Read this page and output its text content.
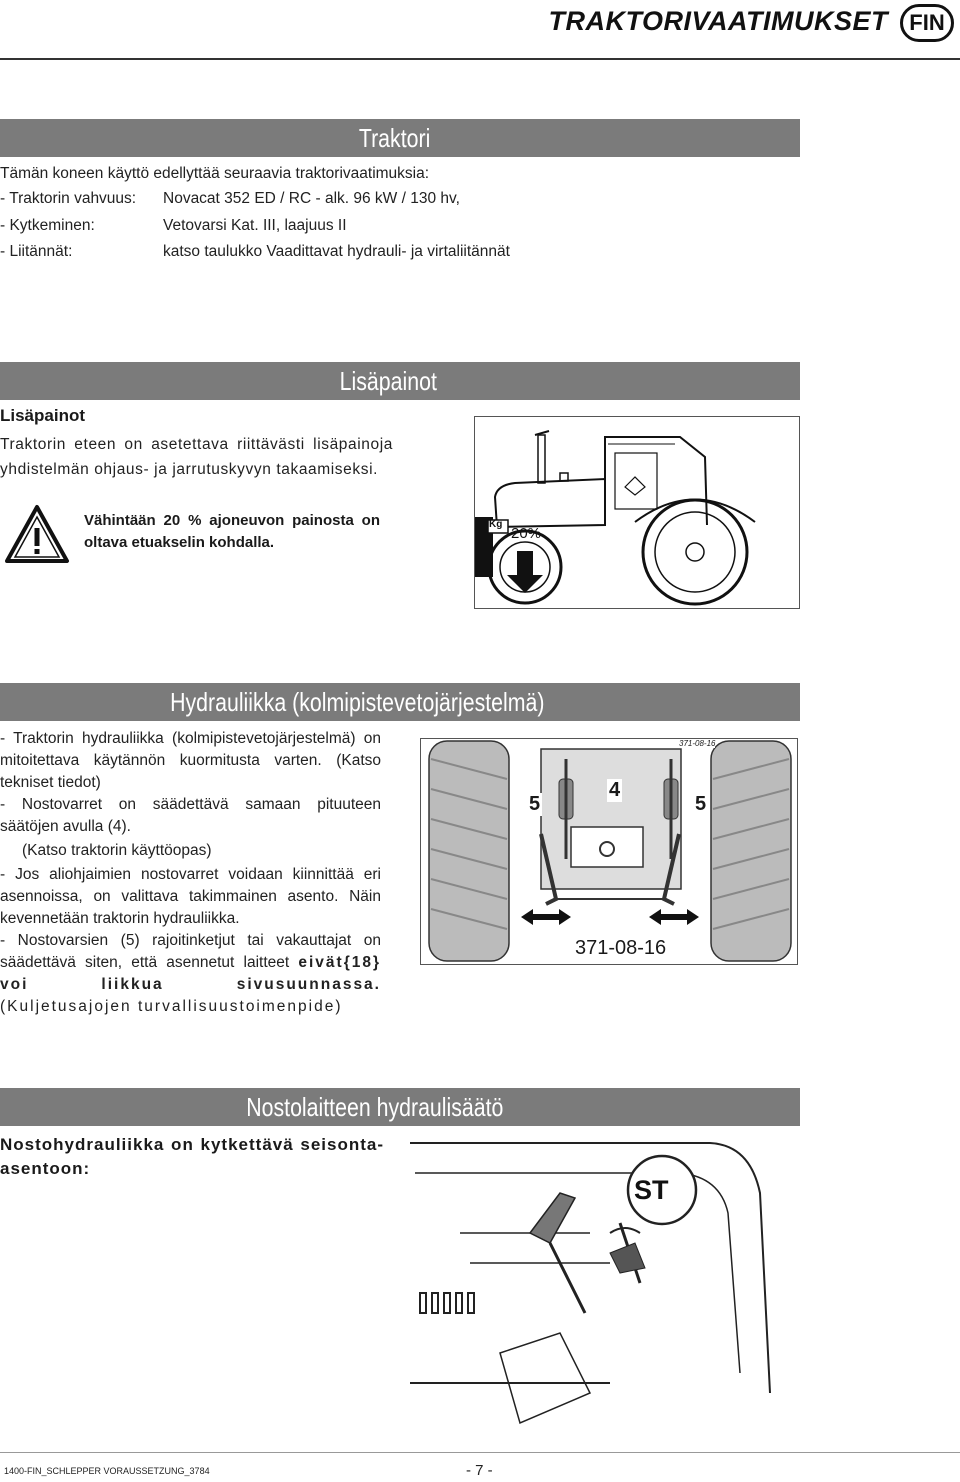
TRAKTORIVAATIMUKSET FIN
Traktori
Tämän koneen käyttö edellyttää seuraavia traktorivaatimuksia:
- Traktorin vahvuus: Novacat 352 ED / RC - alk. 96 kW / 130 hv,
- Kytkeminen:	Vetovarsi Kat. III, laajuus II
- Liitännät:	katso taulukko Vaadittavat hydrauli- ja virtaliitännät
Lisäpainot
Lisäpainot
Traktorin eteen on asetettava riittävästi lisäpainoja yhdistelmän ohjaus- ja jarrutuskyvyn takaamiseksi.
Vähintään 20 % ajoneuvon painosta on oltava etuakselin kohdalla.
Kg
20%
Hydrauliikka (kolmipistevetojärjestelmä)
- Traktorin hydrauliikka (kolmipistevetojärjestelmä) on mitoitettava käytännön kuormitusta varten. (Katso tekniset tiedot)
- Nostovarret on säädettävä samaan pituuteen säätöjen avulla (4).
(Katso traktorin käyttöopas)
- Jos aliohjaimien nostovarret voidaan kiinnittää eri asennoissa, on valittava takimmainen asento. Näin kevennetään traktorin hydrauliikka.
- Nostovarsien (5) rajoitinketjut tai vakauttajat on säädettävä siten, että asennetut laitteet eivät{18} voi liikkua sivusuunnassa. (Kuljetusajojen turvallisuustoimenpide)
5
4
5
371-08-16
371-08-16
Nostolaitteen hydraulisäätö
Nostohydrauliikka on kytkettävä seisonta-asentoon:
ST
1400-FIN_SCHLEPPER VORAUSSETZUNG_3784	- 7 -
